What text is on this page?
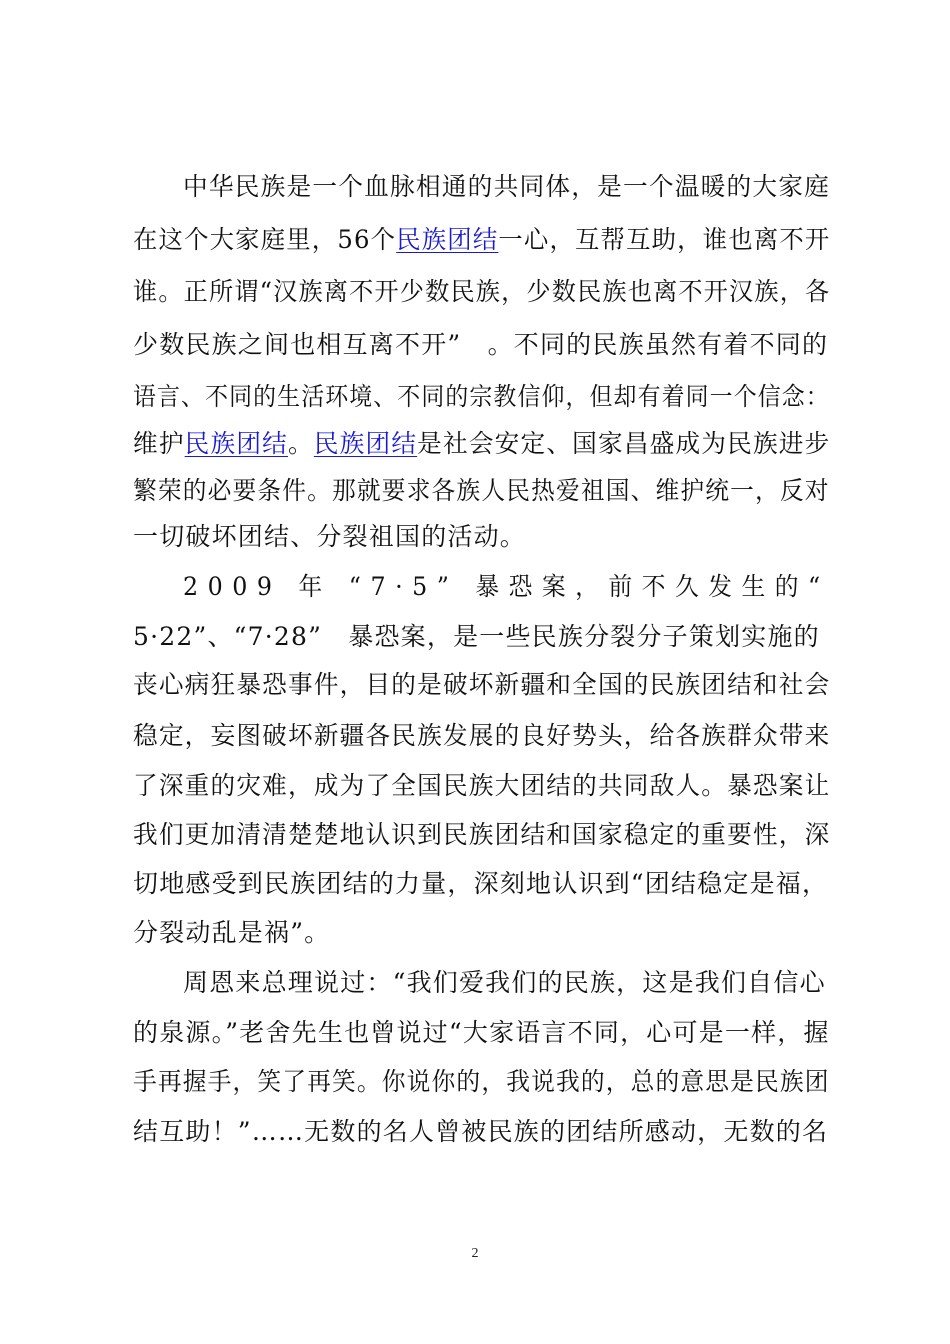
中华民族是一个血脉相通的共同体，是一个温暖的大家庭
在这个大家庭里，56个民族团结一心，互帮互助，谁也离不开
谁。正所谓“汉族离不开少数民族，少数民族也离不开汉族，各
少数民族之间也相互离不开”　。不同的民族虽然有着不同的
语言、不同的生活环境、不同的宗教信仰，但却有着同一个信念：
维护民族团结。民族团结是社会安定、国家昌盛成为民族进步
繁荣的必要条件。那就要求各族人民热爱祖国、维护统一，反对
一切破坏团结、分裂祖国的活动。
2009 年 “7·5” 暴恐案，前不久发生的“
5·22”、“7·28”　暴恐案，是一些民族分裂分子策划实施的
丧心病狂暴恐事件，目的是破坏新疆和全国的民族团结和社会
稳定，妄图破坏新疆各民族发展的良好势头，给各族群众带来
了深重的灾难，成为了全国民族大团结的共同敌人。暴恐案让
我们更加清清楚楚地认识到民族团结和国家稳定的重要性，深
切地感受到民族团结的力量，深刻地认识到“团结稳定是福，
分裂动乱是祸”。
周恩来总理说过：“我们爱我们的民族，这是我们自信心
的泉源。”老舍先生也曾说过“大家语言不同，心可是一样，握
手再握手，笑了再笑。你说你的，我说我的，总的意思是民族团
结互助！”……无数的名人曾被民族的团结所感动，无数的名
2
